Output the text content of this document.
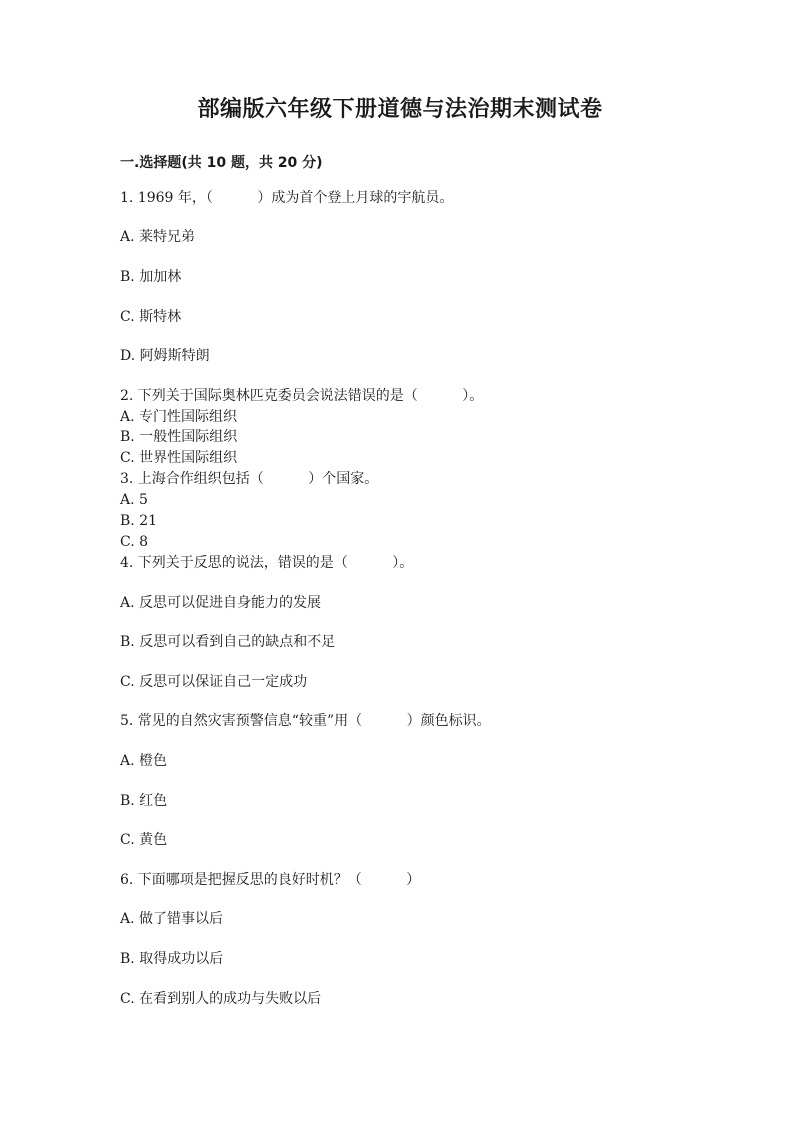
部编版六年级下册道德与法治期末测试卷
一.选择题(共 10 题，共 20 分)
1. 1969 年，（          ）成为首个登上月球的宇航员。
A. 莱特兄弟
B. 加加林
C. 斯特林
D. 阿姆斯特朗
2. 下列关于国际奥林匹克委员会说法错误的是（          ）。
A. 专门性国际组织
B. 一般性国际组织
C. 世界性国际组织
3. 上海合作组织包括（          ）个国家。
A. 5
B. 21
C. 8
4. 下列关于反思的说法，错误的是（          ）。
A. 反思可以促进自身能力的发展
B. 反思可以看到自己的缺点和不足
C. 反思可以保证自己一定成功
5. 常见的自然灾害预警信息“较重”用（          ）颜色标识。
A. 橙色
B. 红色
C. 黄色
6. 下面哪项是把握反思的良好时机？（          ）
A. 做了错事以后
B. 取得成功以后
C. 在看到别人的成功与失败以后
